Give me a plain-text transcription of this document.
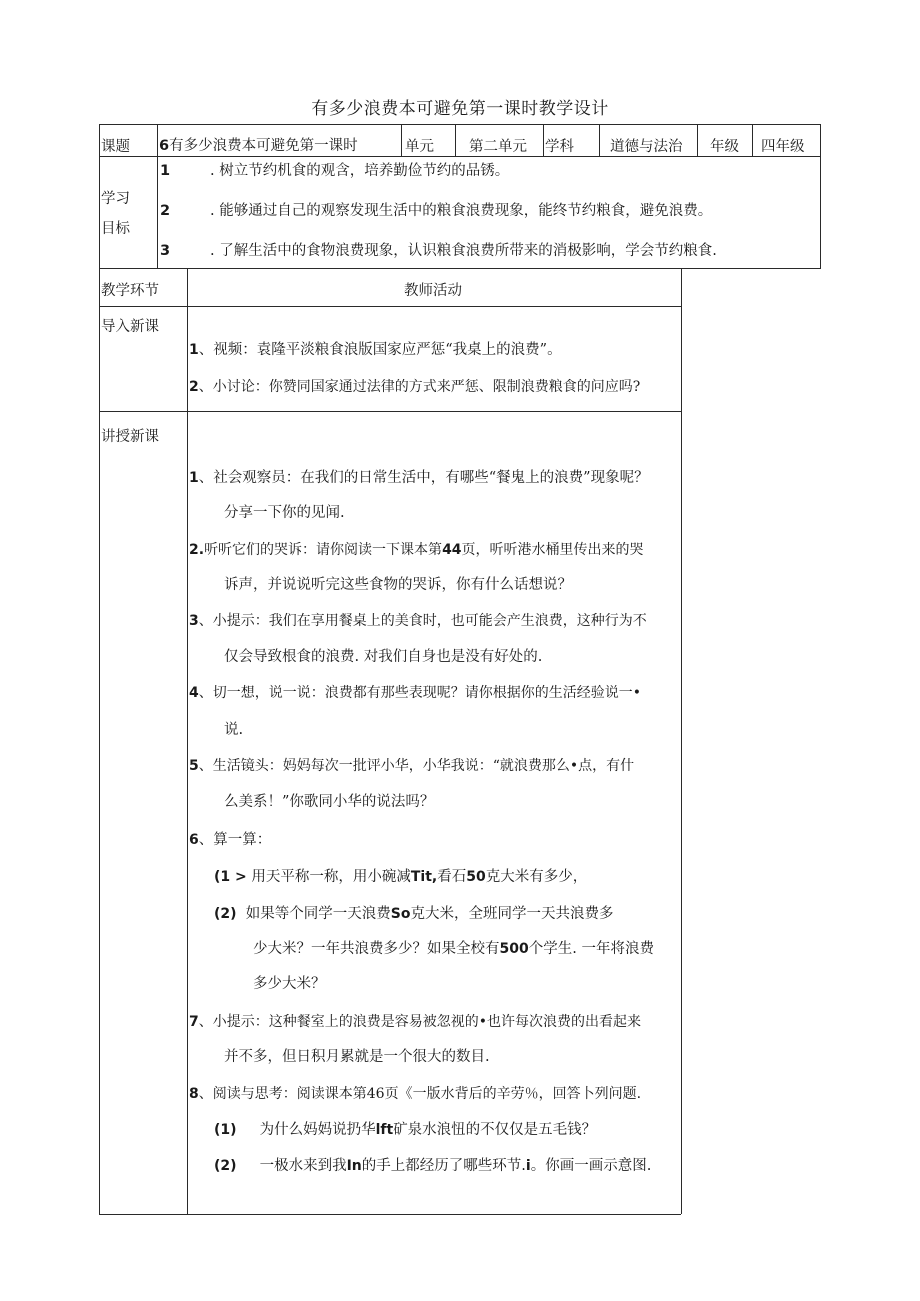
有多少浪费本可避免第一课时教学设计
课题 6有多少浪费本可避免第一课时	单元 第二单元 学科 道德与法治 年级 四年级
学习
目标
1	. 树立节约机食的观含，培养勤俭节约的品锈。
2	. 能够通过自己的观察发现生活中的粮食浪费现象，能终节约粮食，避免浪费。
3	. 了解生活中的食物浪费现象，认识粮食浪费所带来的消极影响，学会节约粮食.
教学环节	教师活动
导入新课
1、视频：袁隆平淡粮食浪版国家应严惩“我桌上的浪费”。
2、小讨论：你赞同国家通过法律的方式来严惩、限制浪费粮食的问应吗?
讲授新课
1、社会观察员：在我们的日常生活中，有哪些“餐鬼上的浪费”现象呢？
分享一下你的见闻.
2.听听它们的哭诉：请你阅读一下课本第44页，听听港水桶里传出来的哭
诉声，并说说听完这些食物的哭诉，你有什么话想说？
3、小提示：我们在享用餐桌上的美食时，也可能会产生浪费，这种行为不
仅会导致根食的浪费. 对我们自身也是没有好处的.
4、切一想，说一说：浪费都有那些表现呢？请你根据你的生活经验说一•
说.
5、生活镜头：妈妈每次一批评小华，小华我说：“就浪费那么•点，有什
么美系！”你歌同小华的说法吗？
6、算一算：
(1 > 用天平称一称，用小碗减Tit,看石50克大米有多少，
(2) 如果等个同学一天浪费So克大米，全班同学一天共浪费多
少大米？一年共浪费多少？如果全校有500个学生. 一年将浪费
多少大米？
7、小提示：这种餐室上的浪费是容易被忽视的•也许每次浪费的出看起来
并不多，但日积月累就是一个很大的数目.
8、阅读与思考：阅读课本第46页《一版水背后的辛劳％，回答卜列问题.
(1) 为什么妈妈说扔华lft矿泉水浪忸的不仅仅是五毛钱？
(2) 一极水来到我In的手上都经历了哪些环节.i。你画一画示意图.
